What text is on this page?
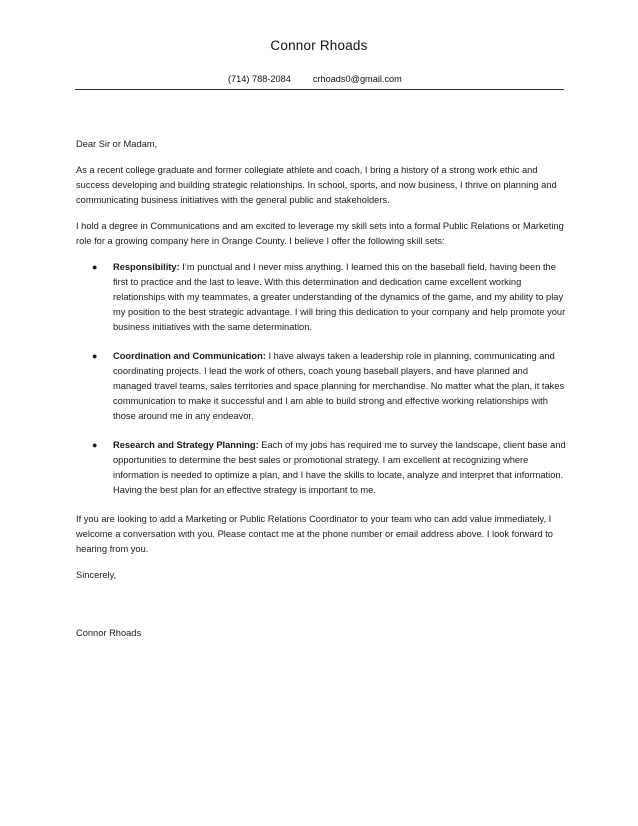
Connor Rhoads
(714) 788-2084 crhoads0@gmail.com

Dear Sir or Madam,

As a recent college graduate and former collegiate athlete and coach, I bring a history of a strong work ethic and success developing and building strategic relationships. In school, sports, and now business, I thrive on planning and communicating business initiatives with the general public and stakeholders.

I hold a degree in Communications and am excited to leverage my skill sets into a formal Public Relations or Marketing role for a growing company here in Orange County. I believe I offer the following skill sets:

● Responsibility: I’m punctual and I never miss anything. I learned this on the baseball field, having been the first to practice and the last to leave. With this determination and dedication came excellent working relationships with my teammates, a greater understanding of the dynamics of the game, and my ability to play my position to the best strategic advantage. I will bring this dedication to your company and help promote your business initiatives with the same determination.
● Coordination and Communication: I have always taken a leadership role in planning, communicating and coordinating projects. I lead the work of others, coach young baseball players, and have planned and managed travel teams, sales territories and space planning for merchandise. No matter what the plan, it takes communication to make it successful and I am able to build strong and effective working relationships with those around me in any endeavor.
● Research and Strategy Planning: Each of my jobs has required me to survey the landscape, client base and opportunities to determine the best sales or promotional strategy. I am excellent at recognizing where information is needed to optimize a plan, and I have the skills to locate, analyze and interpret that information. Having the best plan for an effective strategy is important to me.

If you are looking to add a Marketing or Public Relations Coordinator to your team who can add value immediately, I welcome a conversation with you. Please contact me at the phone number or email address above. I look forward to hearing from you.

Sincerely,

Connor Rhoads
